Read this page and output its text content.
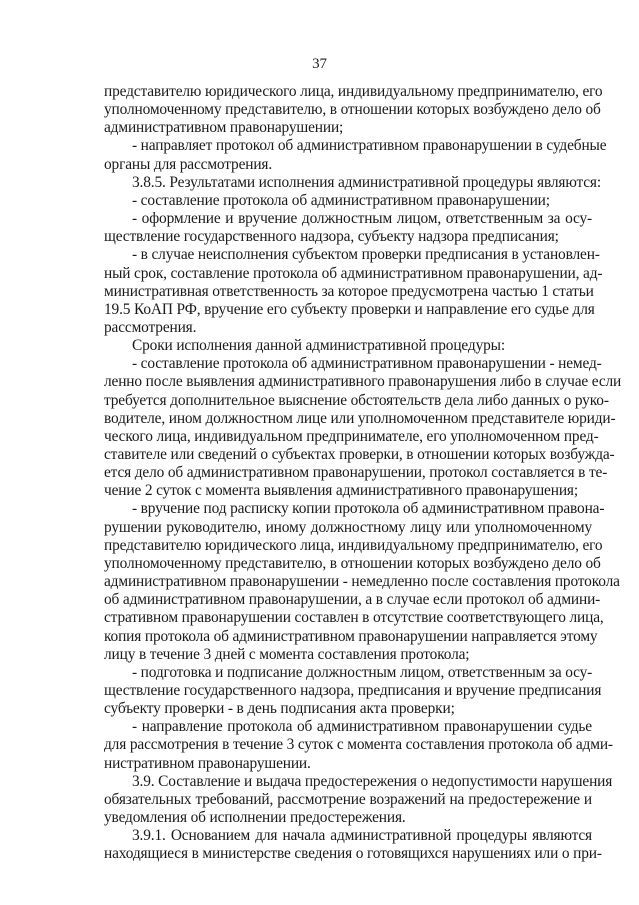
37
представителю юридического лица, индивидуальному предпринимателю, его
уполномоченному представителю, в отношении которых возбуждено дело об
административном правонарушении;
- направляет протокол об административном правонарушении в судебные
органы для рассмотрения.
3.8.5. Результатами исполнения административной процедуры являются:
- составление протокола об административном правонарушении;
- оформление и вручение должностным лицом, ответственным за осу-
ществление государственного надзора, субъекту надзора предписания;
- в случае неисполнения субъектом проверки предписания в установлен-
ный срок, составление протокола об административном правонарушении, ад-
министративная ответственность за которое предусмотрена частью 1 статьи
19.5 КоАП РФ, вручение его субъекту проверки и направление его судье для
рассмотрения.
Сроки исполнения данной административной процедуры:
- составление протокола об административном правонарушении - немед-
ленно после выявления административного правонарушения либо в случае если
требуется дополнительное выяснение обстоятельств дела либо данных о руко-
водителе, ином должностном лице или уполномоченном представителе юриди-
ческого лица, индивидуальном предпринимателе, его уполномоченном пред-
ставителе или сведений о субъектах проверки, в отношении которых возбужда-
ется дело об административном правонарушении, протокол составляется в те-
чение 2 суток с момента выявления административного правонарушения;
- вручение под расписку копии протокола об административном правона-
рушении руководителю, иному должностному лицу или уполномоченному
представителю юридического лица, индивидуальному предпринимателю, его
уполномоченному представителю, в отношении которых возбуждено дело об
административном правонарушении - немедленно после составления протокола
об административном правонарушении, а в случае если протокол об админи-
стративном правонарушении составлен в отсутствие соответствующего лица,
копия протокола об административном правонарушении направляется этому
лицу в течение 3 дней с момента составления протокола;
- подготовка и подписание должностным лицом, ответственным за осу-
ществление государственного надзора, предписания и вручение предписания
субъекту проверки - в день подписания акта проверки;
- направление протокола об административном правонарушении судье
для рассмотрения в течение 3 суток с момента составления протокола об адми-
нистративном правонарушении.
3.9. Составление и выдача предостережения о недопустимости нарушения
обязательных требований, рассмотрение возражений на предостережение и
уведомления об исполнении предостережения.
3.9.1. Основанием для начала административной процедуры являются
находящиеся в министерстве сведения о готовящихся нарушениях или о при-
